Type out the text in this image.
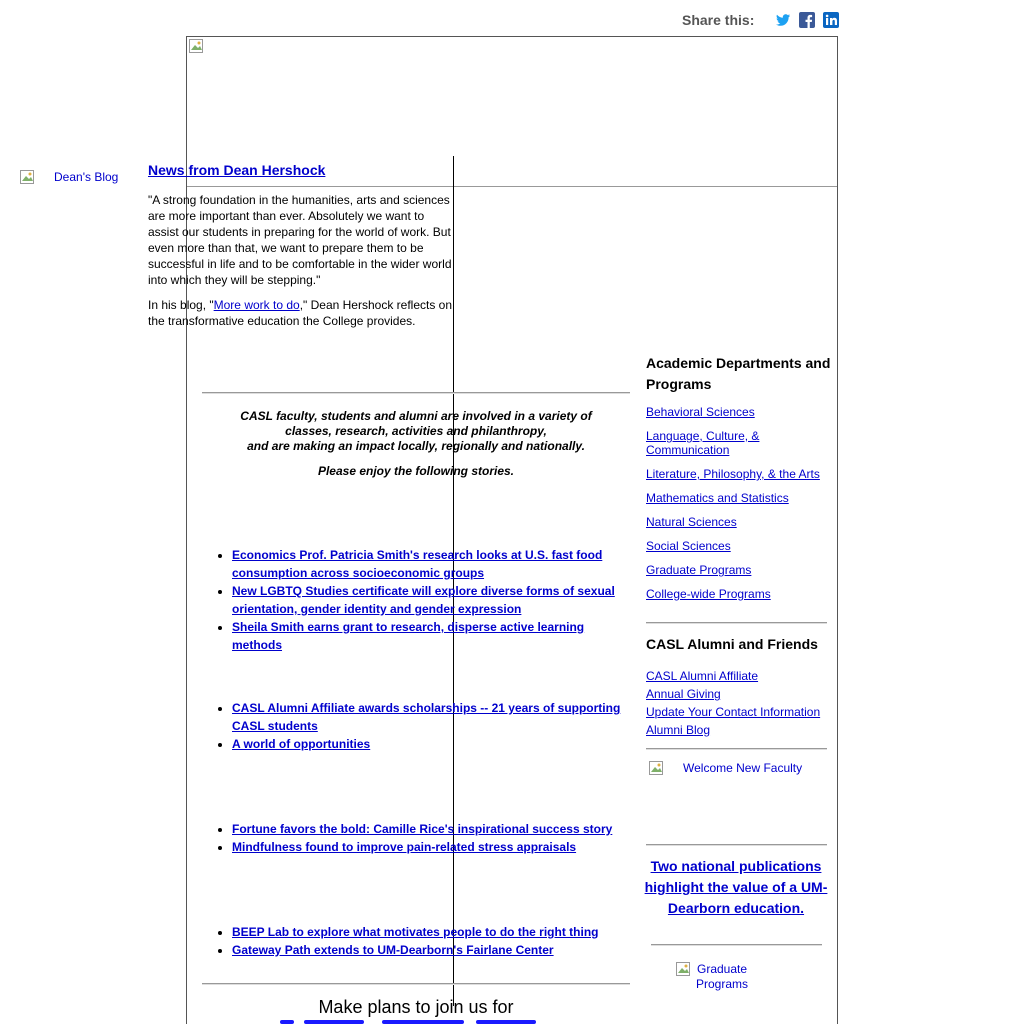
Share this:
Dean's Blog News from Dean Hershock

"A strong foundation in the humanities, arts and sciences are more important than ever. Absolutely we want to assist our students in preparing for the world of work. But even more than that, we want to prepare them to be successful in life and to be comfortable in the wider world into which they will be stepping."

In his blog, "More work to do," Dean Hershock reflects on the transformative education the College provides.

CASL faculty, students and alumni are involved in a variety of

classes, research, activities and philanthropy,

and are making an impact locally, regionally and nationally.

Please enjoy the following stories.

• Economics Prof. Patricia Smith's research looks at U.S. fast food consumption across socioeconomic groups
• New LGBTQ Studies certificate will explore diverse forms of sexual orientation, gender identity and gender expression
• Sheila Smith earns grant to research, disperse active learning methods
• CASL Alumni Affiliate awards scholarships -- 21 years of supporting CASL students
• A world of opportunities
• Fortune favors the bold: Camille Rice's inspirational success story
• Mindfulness found to improve pain-related stress appraisals
• BEEP Lab to explore what motivates people to do the right thing
• Gateway Path extends to UM-Dearborn's Fairlane Center
Make plans to join us for
Academic Departments and Programs
Behavioral Sciences
Language, Culture, & Communication
Literature, Philosophy, & the Arts
Mathematics and Statistics
Natural Sciences
Social Sciences
Graduate Programs
College-wide Programs
CASL Alumni and Friends
CASL Alumni Affiliate
Annual Giving
Update Your Contact Information
Alumni Blog
Welcome New Faculty
Two national publications highlight the value of a UM-Dearborn education.
Graduate
Programs
